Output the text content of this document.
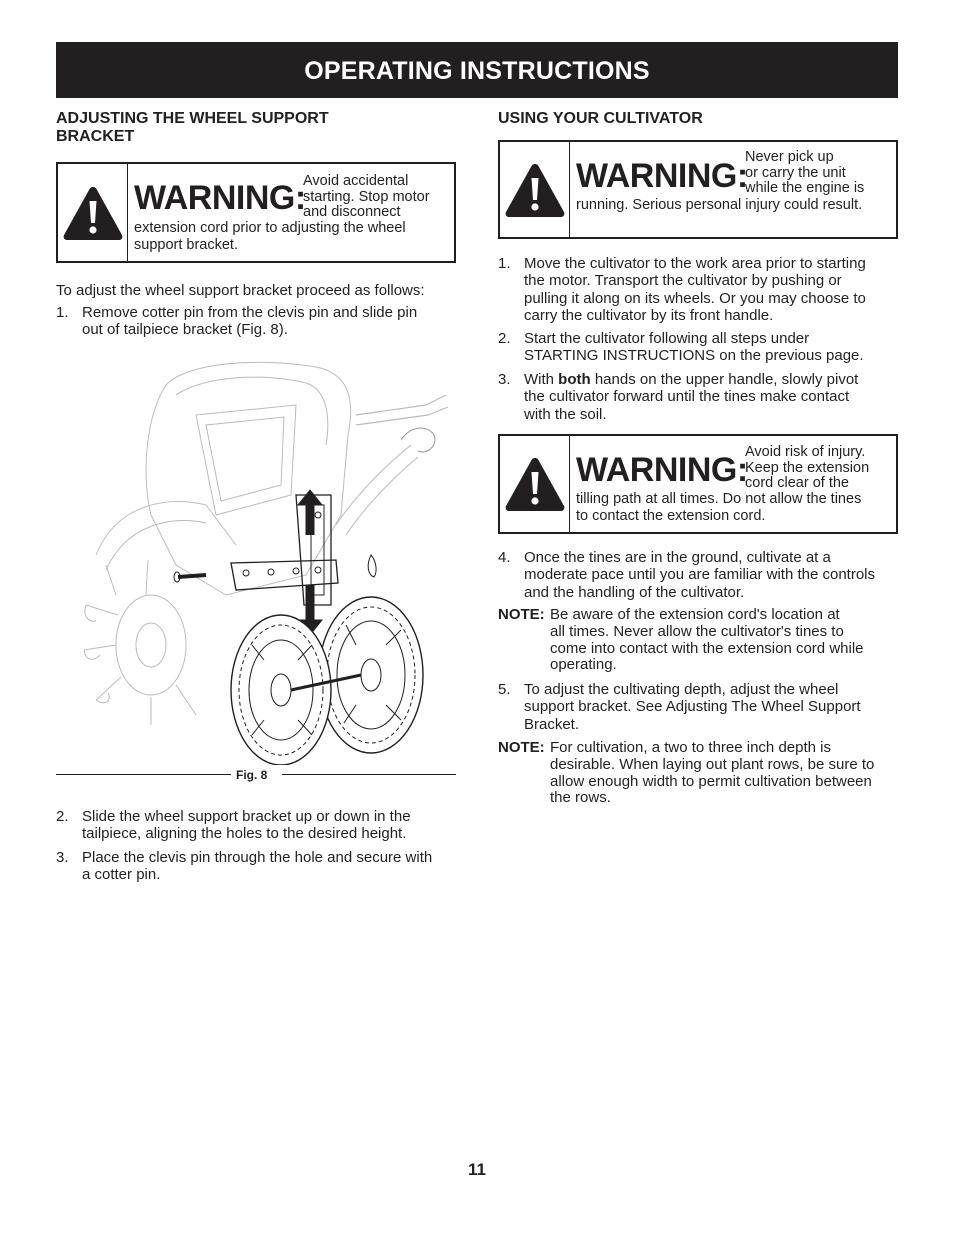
OPERATING INSTRUCTIONS
ADJUSTING THE WHEEL SUPPORT
BRACKET
WARNING:
Avoid accidental
starting. Stop motor
and disconnect
extension cord prior to adjusting the wheel
support bracket.
To adjust the wheel support bracket proceed as follows:
1. Remove cotter pin from the clevis pin and slide pin
out of tailpiece bracket (Fig. 8).
Fig. 8
2. Slide the wheel support bracket up or down in the
tailpiece, aligning the holes to the desired height.
3. Place the clevis pin through the hole and secure with
a cotter pin.
USING YOUR CULTIVATOR
WARNING:
Never pick up
or carry the unit
while the engine is
running. Serious personal injury could result.
1. Move the cultivator to the work area prior to starting
the motor. Transport the cultivator by pushing or
pulling it along on its wheels. Or you may choose to
carry the cultivator by its front handle.
2. Start the cultivator following all steps under
STARTING INSTRUCTIONS on the previous page.
3. With both hands on the upper handle, slowly pivot
the cultivator forward until the tines make contact
with the soil.
WARNING:
Avoid risk of injury.
Keep the extension
cord clear of the
tilling path at all times. Do not allow the tines
to contact the extension cord.
4. Once the tines are in the ground, cultivate at a
moderate pace until you are familiar with the controls
and the handling of the cultivator.
NOTE: Be aware of the extension cord's location at
all times. Never allow the cultivator's tines to
come into contact with the extension cord while
operating.
5. To adjust the cultivating depth, adjust the wheel
support bracket. See Adjusting The Wheel Support
Bracket.
NOTE: For cultivation, a two to three inch depth is
desirable. When laying out plant rows, be sure to
allow enough width to permit cultivation between
the rows.
11
